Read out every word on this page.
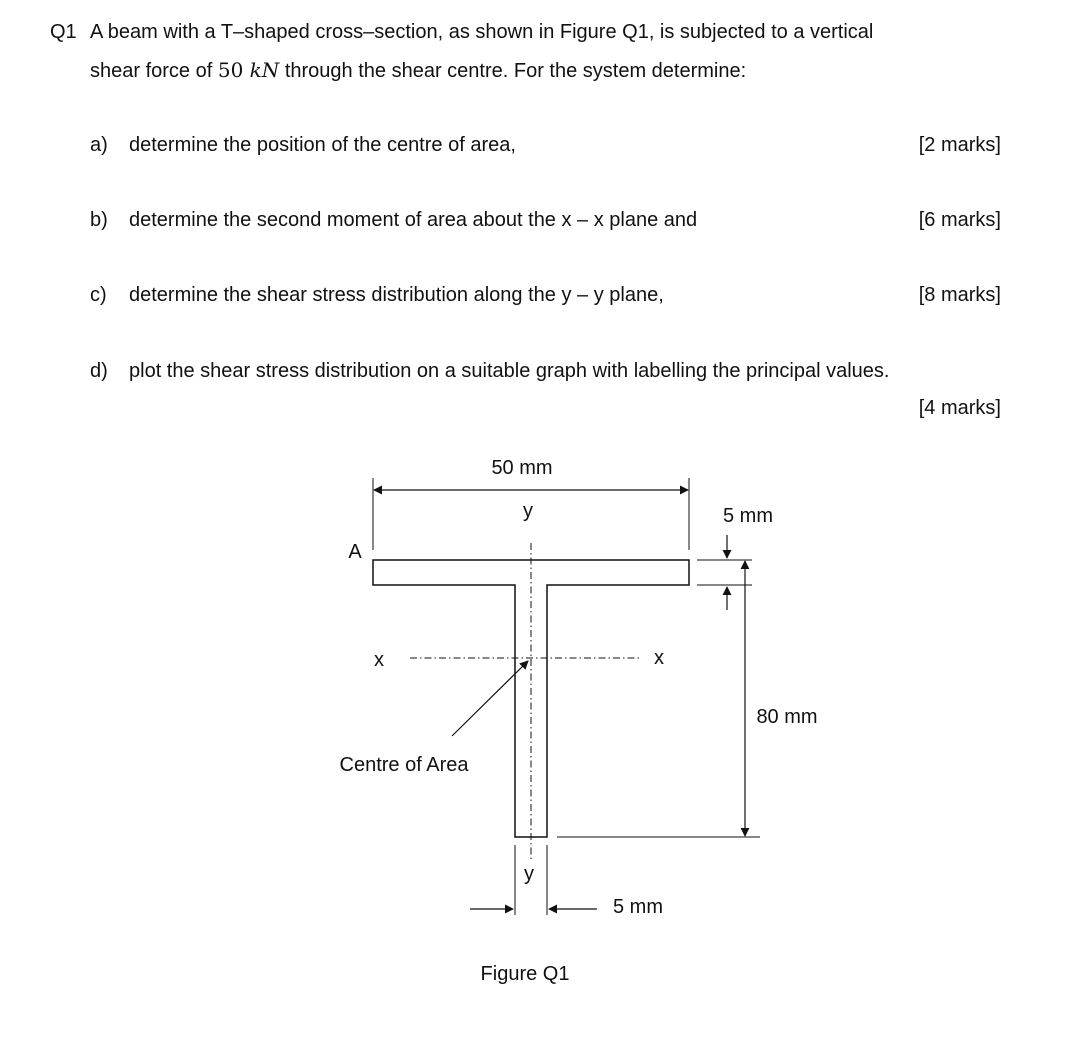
Q1 A beam with a T–shaped cross–section, as shown in Figure Q1, is subjected to a vertical
shear force of 50 kN through the shear centre. For the system determine:
a) determine the position of the centre of area,	[2 marks]
b) determine the second moment of area about the x – x plane and	[6 marks]
c) determine the shear stress distribution along the y – y plane,	[8 marks]
d) plot the shear stress distribution on a suitable graph with labelling the principal values.
[4 marks]
50 mm
y
A
5 mm
80 mm
x	x
Centre of Area
y
5 mm
Figure Q1
